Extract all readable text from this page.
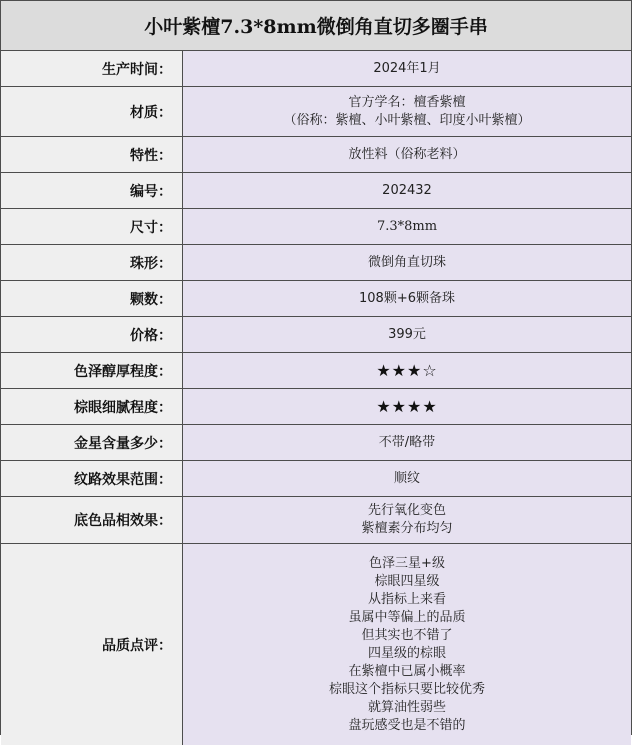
小叶紫檀7.3*8mm微倒角直切多圈手串
生产时间：	2024年1月
材质：
官方学名：檀香紫檀
（俗称：紫檀、小叶紫檀、印度小叶紫檀）
特性：	放性料（俗称老料）
编号：	202432
尺寸：	7.3*8mm
珠形：	微倒角直切珠
颗数：	108颗+6颗备珠
价格：	399元
色泽醇厚程度：	★★★☆
棕眼细腻程度：	★★★★
金星含量多少：	不带/略带
纹路效果范围：	顺纹
底色品相效果：
先行氧化变色
紫檀素分布均匀
品质点评：
色泽三星+级
棕眼四星级
从指标上来看
虽属中等偏上的品质
但其实也不错了
四星级的棕眼
在紫檀中已属小概率
棕眼这个指标只要比较优秀
就算油性弱些
盘玩感受也是不错的
